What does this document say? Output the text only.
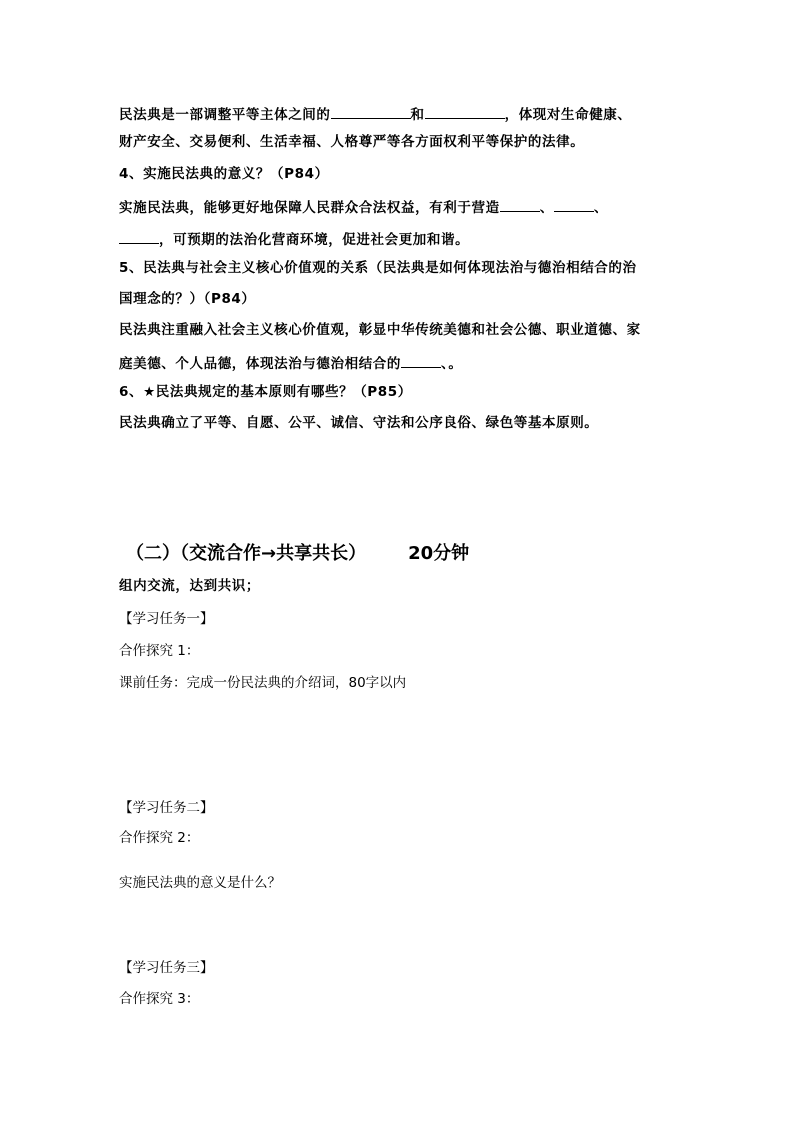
民法典是一部调整平等主体之间的	和	，体现对生命健康、
财产安全、交易便利、生活幸福、人格尊严等各方面权利平等保护的法律。
4、实施民法典的意义？（P84）
实施民法典，能够更好地保障人民群众合法权益，有利于营造	、	、
，可预期的法治化营商环境，促进社会更加和谐。
5、民法典与社会主义核心价值观的关系（民法典是如何体现法治与德治相结合的治
国理念的？）（P84）
民法典注重融入社会主义核心价值观，彰显中华传统美德和社会公德、职业道德、家
庭美德、个人品德，体现法治与德治相结合的	、。
6、★民法典规定的基本原则有哪些？（P85）
民法典确立了平等、自愿、公平、诚信、守法和公序良俗、绿色等基本原则。
（二）（交流合作→共享共长） 20分钟
组内交流，达到共识；
【学习任务一】
合作探究 1：
课前任务：完成一份民法典的介绍词，80字以内
【学习任务二】
合作探究 2：
实施民法典的意义是什么？
【学习任务三】
合作探究 3：
